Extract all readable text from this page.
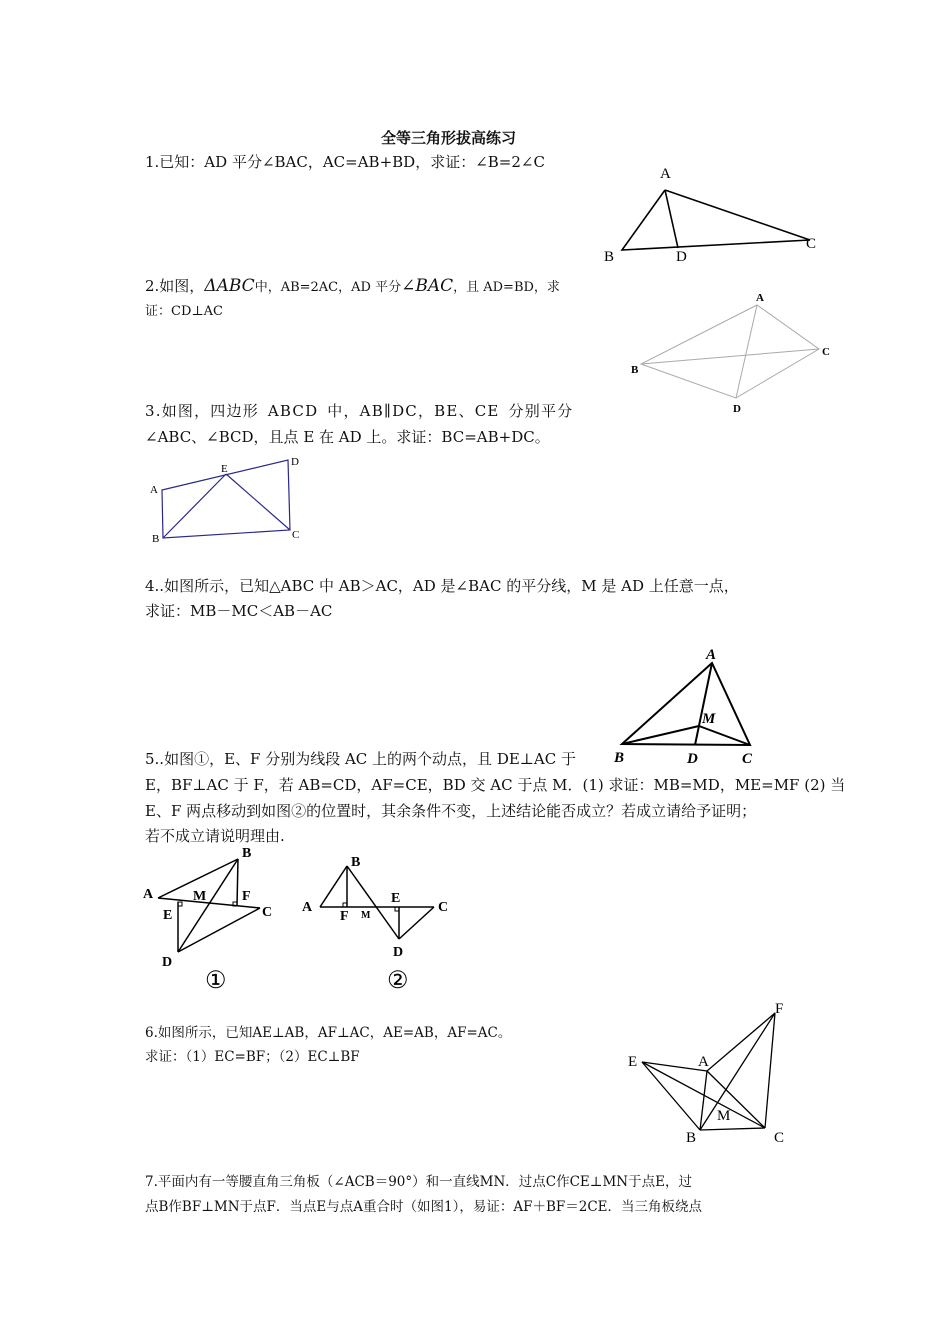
全等三角形拔高练习
1.已知：AD 平分∠BAC，AC=AB+BD，求证：∠B=2∠C
A
B	D
C
2.如图，ΔABC中，AB=2AC，AD 平分∠BAC，且 AD=BD，求
证：CD⊥AC
A
B
C
D
3.如图，四边形 ABCD 中，AB∥DC，BE、CE 分别平分
∠ABC、∠BCD，且点 E 在 AD 上。求证：BC=AB+DC。
A
B	C
D
E
4..如图所示，已知△ABC 中 AB＞AC，AD 是∠BAC 的平分线，M 是 AD 上任意一点，
求证：MB－MC＜AB－AC
A
B	C
D
M
5..如图①，E、F 分别为线段 AC 上的两个动点，且 DE⊥AC 于
E，BF⊥AC 于 F，若 AB=CD，AF=CE，BD 交 AC 于点 M．(1) 求证：MB=MD，ME=MF (2) 当
E、F 两点移动到如图②的位置时，其余条件不变，上述结论能否成立？若成立请给予证明；
若不成立请说明理由.
A
B
C
D
E
F
M
①
A
B
C
D
E
F M
②
6.如图所示，已知AE⊥AB，AF⊥AC，AE=AB，AF=AC。
求证：（1）EC=BF；（2）EC⊥BF	E	A
F
B	C
M
7.平面内有一等腰直角三角板（∠ACB＝90°）和一直线MN．过点C作CE⊥MN于点E，过
点B作BF⊥MN于点F．当点E与点A重合时（如图1），易证：AF＋BF＝2CE．当三角板绕点
